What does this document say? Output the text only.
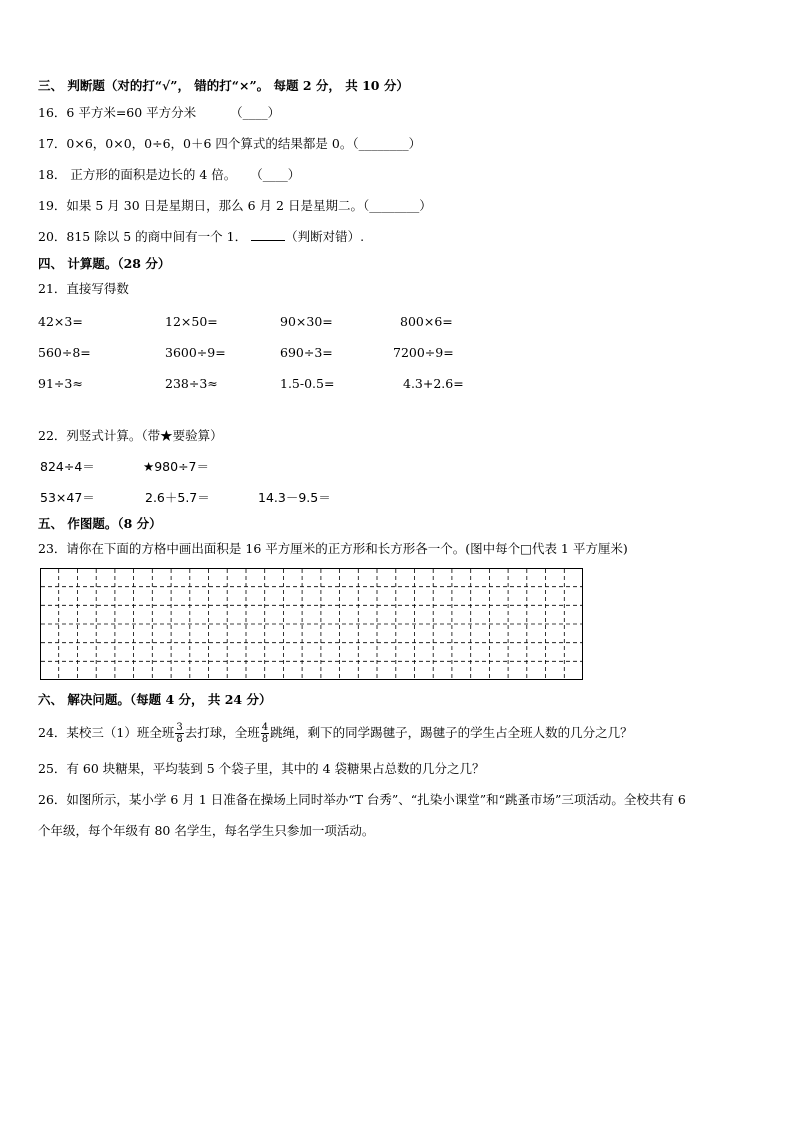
三、 判断题（对的打“√”， 错的打“×”。 每题 2 分， 共 10 分）
16．6 平方米=60 平方分米	（____）
17．0×6，0×0，0÷6，0＋6 四个算式的结果都是 0。（________）
18． 正方形的面积是边长的 4 倍。 （____）
19．如果 5 月 30 日是星期日，那么 6 月 2 日是星期二。（________）
20．815 除以 5 的商中间有一个 1．	（判断对错）.
四、 计算题。（28 分）
21．直接写得数
42×3=	12×50=	90×30=	800×6=
560÷8=	3600÷9=	690÷3=	7200÷9=
91÷3≈	238÷3≈	1.5-0.5=	4.3+2.6=
22．列竖式计算。（带★要验算）
824÷4＝	★980÷7＝
53×47＝	2.6＋5.7＝	14.3－9.5＝
五、 作图题。（8 分）
23．请你在下面的方格中画出面积是 16 平方厘米的正方形和长方形各一个。(图中每个□代表 1 平方厘米)
六、 解决问题。（每题 4 分， 共 24 分）
24．某校三（1）班全班 $\frac{3}{8}$ 去打球，全班 $\frac{4}{8}$ 跳绳，剩下的同学踢毽子，踢毽子的学生占全班人数的几分之几？
25．有 60 块糖果，平均装到 5 个袋子里，其中的 4 袋糖果占总数的几分之几？
26．如图所示，某小学 6 月 1 日准备在操场上同时举办“T 台秀”、“扎染小课堂”和“跳蚤市场”三项活动。全校共有 6
个年级，每个年级有 80 名学生，每名学生只参加一项活动。
